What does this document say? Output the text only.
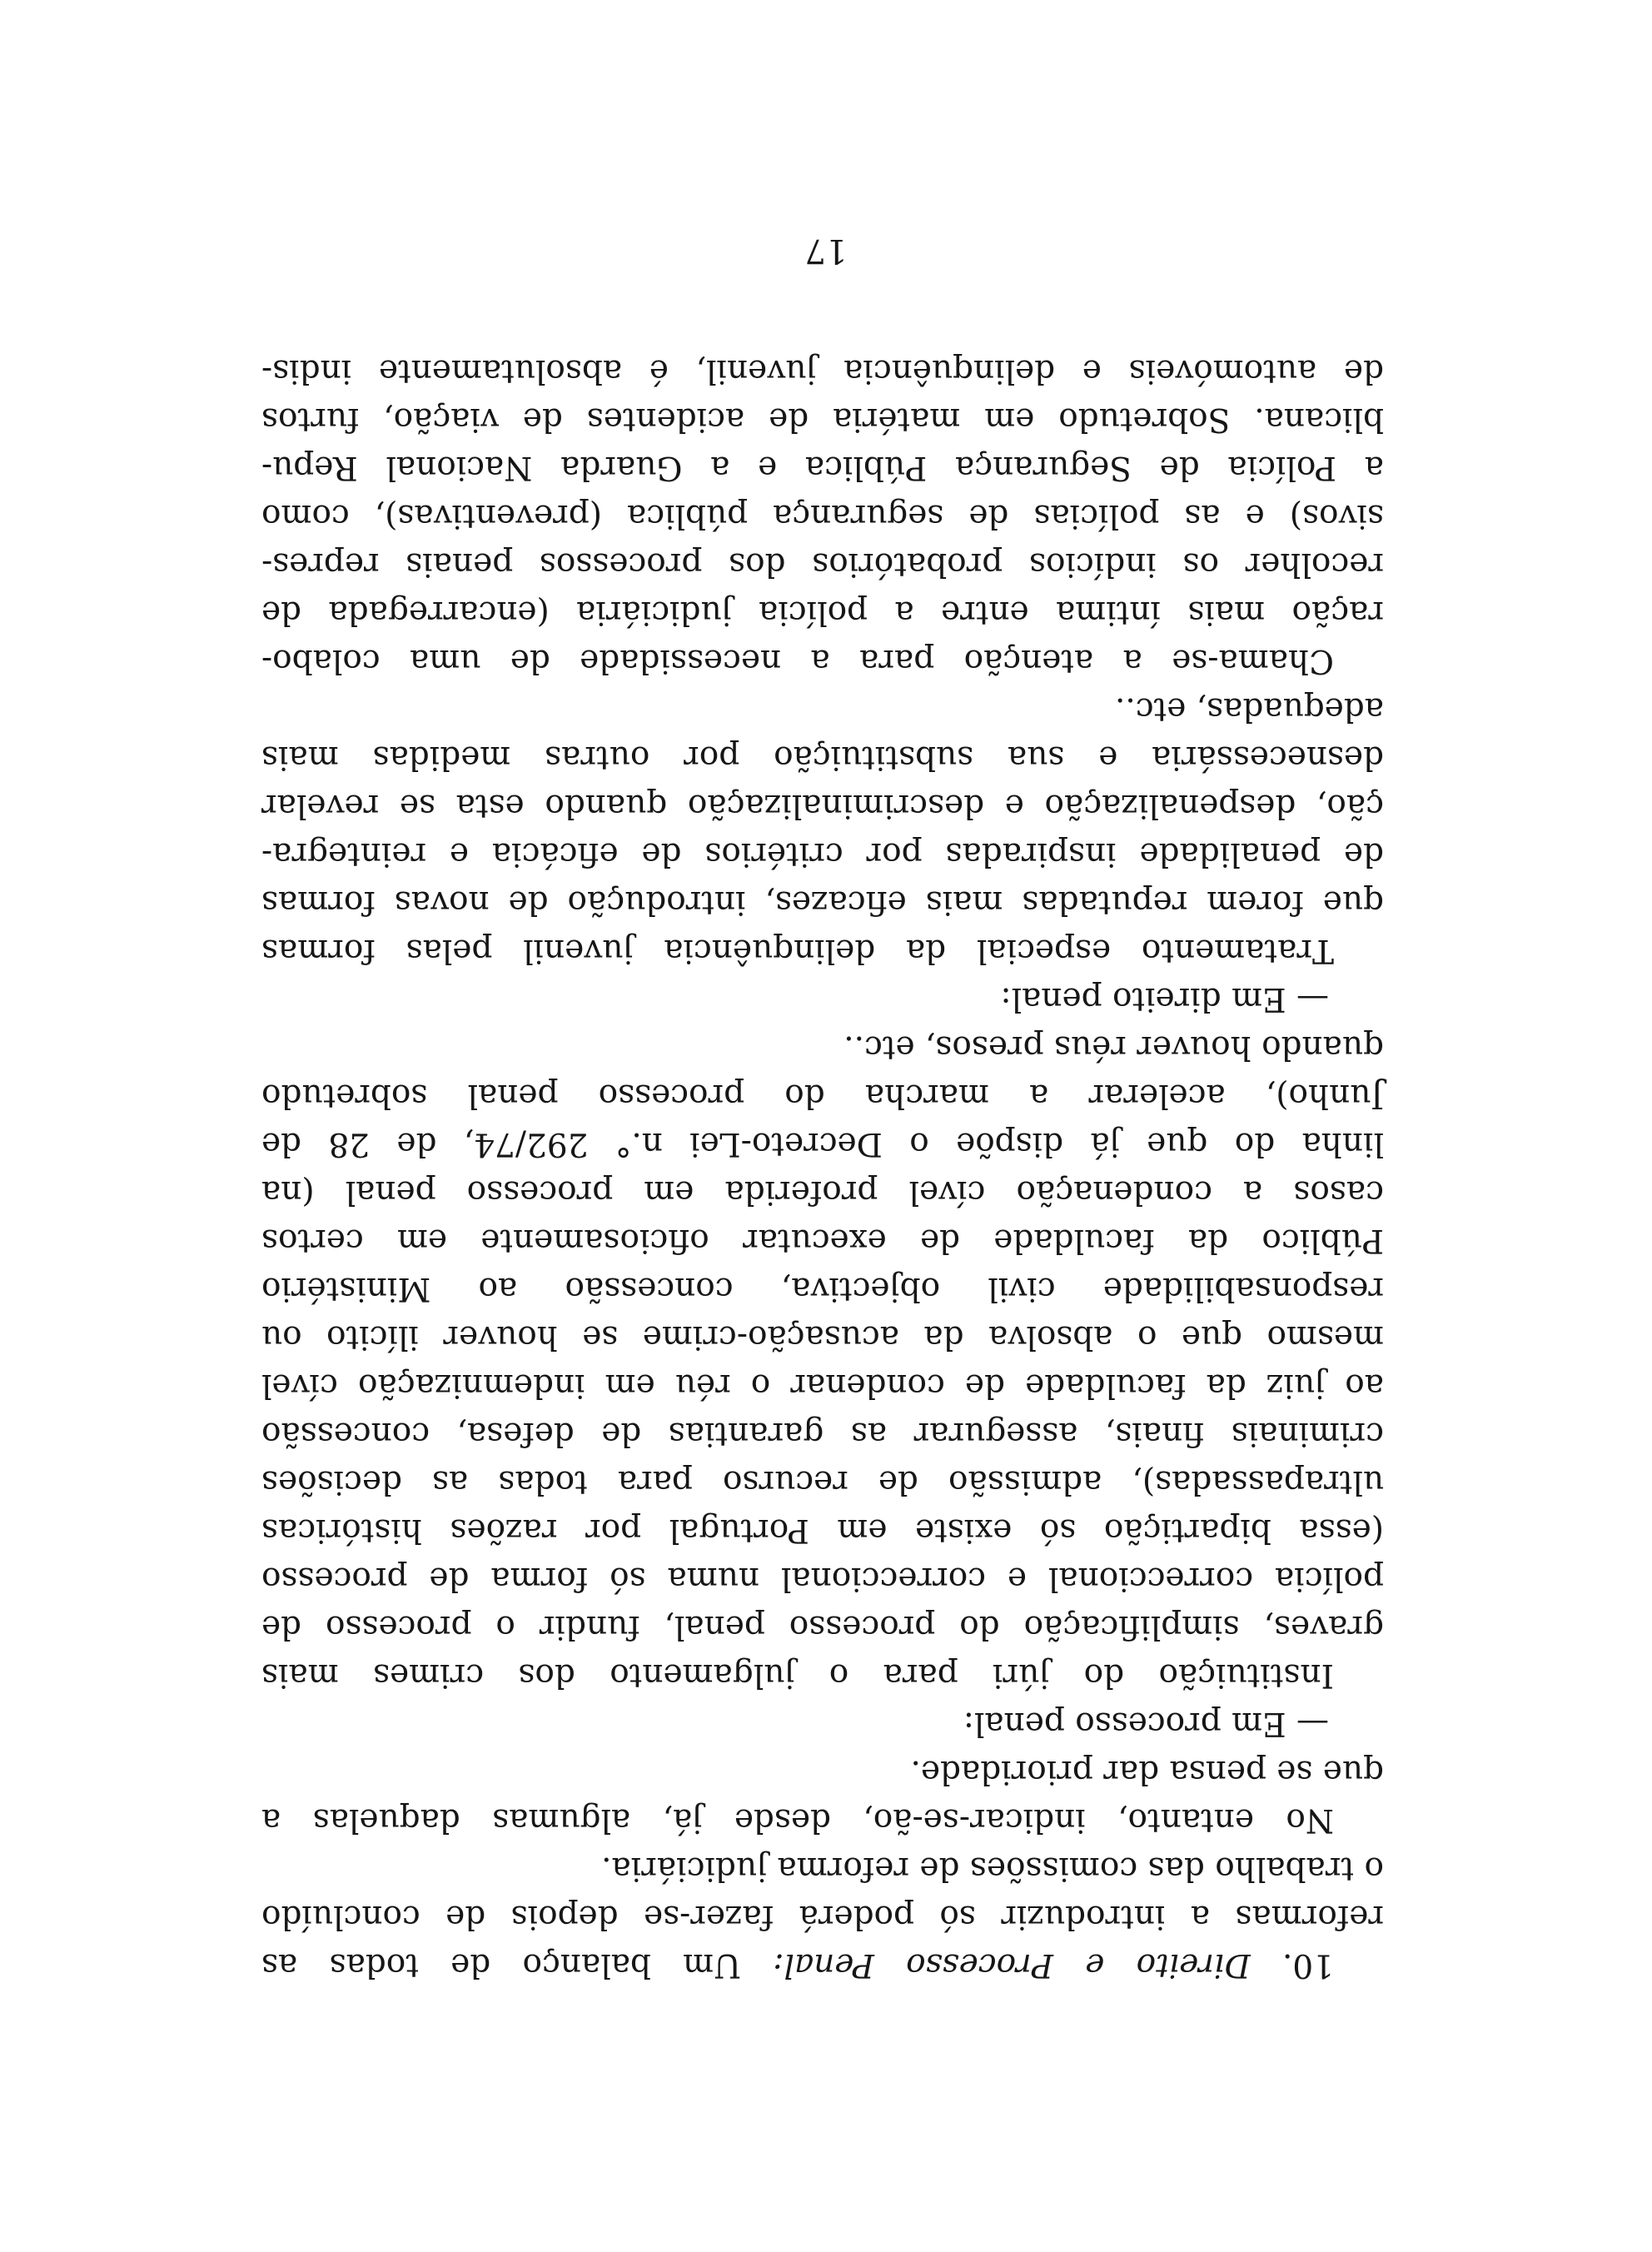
10. Direito e Processo Penal: Um balanço de todas as
reformas a introduzir só poderá fazer-se depois de concluído
o trabalho das comissões de reforma judiciária.
No entanto, indicar-se-ão, desde já, algumas daquelas a
que se pensa dar prioridade.
— Em processo penal:
Instituição do júri para o julgamento dos crimes mais
graves, simplificação do processo penal, fundir o processo de
polícia correccional e correccional numa só forma de processo
(essa bipartição só existe em Portugal por razões históricas
ultrapassadas), admissão de recurso para todas as decisões
criminais finais, assegurar as garantias de defesa, concessão
ao juiz da faculdade de condenar o réu em indemnização cível
mesmo que o absolva da acusação-crime se houver ilícito ou
responsabilidade civil objectiva, concessão ao Ministério
Público da faculdade de executar oficiosamente em certos
casos a condenação cível proferida em processo penal (na
linha do que já dispõe o Decreto-Lei n.° 292/74, de 28 de
Junho), acelerar a marcha do processo penal sobretudo
quando houver réus presos, etc..
— Em direito penal:
Tratamento especial da delinquência juvenil pelas formas
que forem reputadas mais eficazes, introdução de novas formas
de penalidade inspiradas por critérios de eficácia e reintegra-
ção, despenalização e descriminalização quando esta se revelar
desnecessária e sua substituição por outras medidas mais
adequadas, etc..
Chama-se a atenção para a necessidade de uma colabo-
ração mais íntima entre a polícia judiciária (encarregada de
recolher os indícios probatórios dos processos penais repres-
sivos) e as polícias de segurança pública (preventivas), como
a Polícia de Segurança Pública e a Guarda Nacional Repu-
blicana. Sobretudo em matéria de acidentes de viação, furtos
de automóveis e delinquência juvenil, é absolutamente indis-
17
